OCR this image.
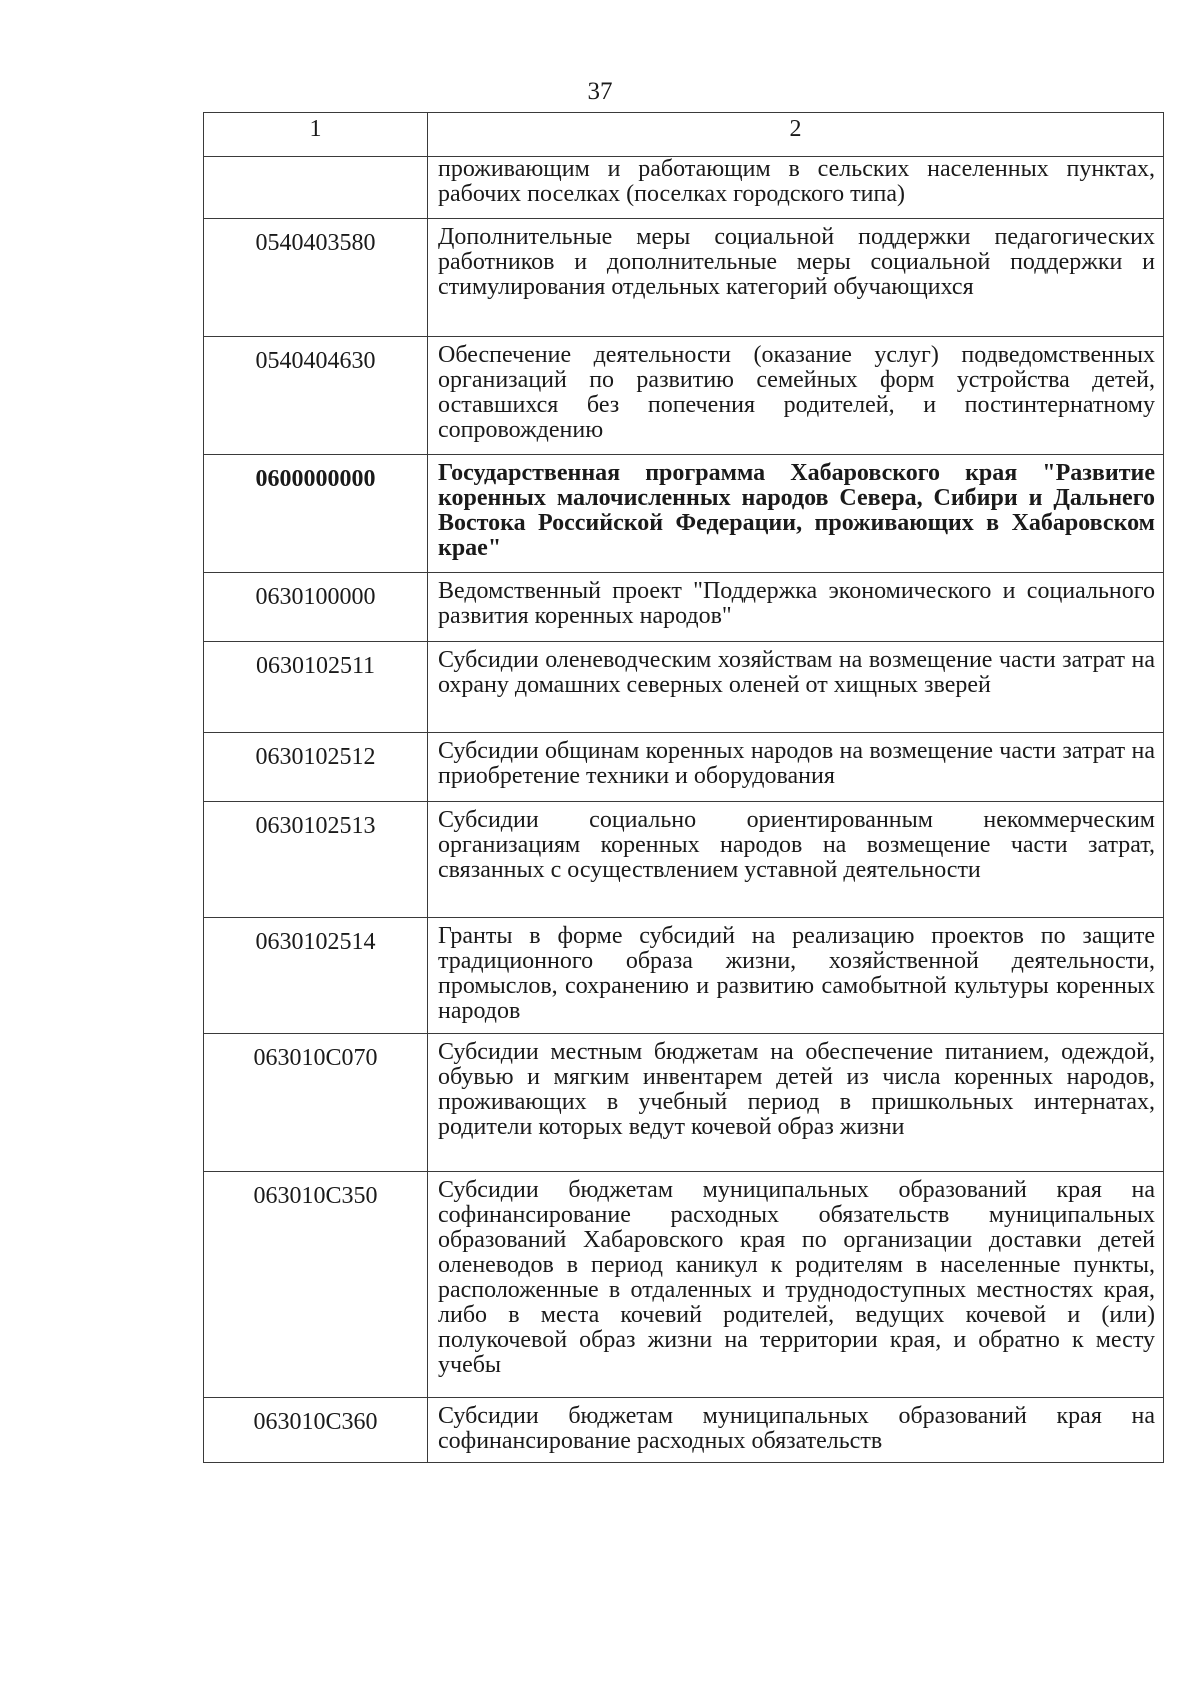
37
1	2
	проживающим и работающим в сельских населенных пунктах, рабочих поселках (поселках городского типа)
0540403580	Дополнительные меры социальной поддержки педагогических работников и дополнительные меры социальной поддержки и стимулирования отдельных категорий обучающихся
0540404630	Обеспечение деятельности (оказание услуг) подведомственных организаций по развитию семейных форм устройства детей, оставшихся без попечения родителей, и постинтернатному сопровождению
0600000000	Государственная программа Хабаровского края "Развитие коренных малочисленных народов Севера, Сибири и Дальнего Востока Российской Федерации, проживающих в Хабаровском крае"
0630100000	Ведомственный проект "Поддержка экономического и социального развития коренных народов"
0630102511	Субсидии оленеводческим хозяйствам на возмещение части затрат на охрану домашних северных оленей от хищных зверей
0630102512	Субсидии общинам коренных народов на возмещение части затрат на приобретение техники и оборудования
0630102513	Субсидии социально ориентированным некоммерческим организациям коренных народов на возмещение части затрат, связанных с осуществлением уставной деятельности
0630102514	Гранты в форме субсидий на реализацию проектов по защите традиционного образа жизни, хозяйственной деятельности, промыслов, сохранению и развитию самобытной культуры коренных народов
063010С070	Субсидии местным бюджетам на обеспечение питанием, одеждой, обувью и мягким инвентарем детей из числа коренных народов, проживающих в учебный период в пришкольных интернатах, родители которых ведут кочевой образ жизни
063010С350	Субсидии бюджетам муниципальных образований края на софинансирование расходных обязательств муниципальных образований Хабаровского края по организации доставки детей оленеводов в период каникул к родителям в населенные пункты, расположенные в отдаленных и труднодоступных местностях края, либо в места кочевий родителей, ведущих кочевой и (или) полукочевой образ жизни на территории края, и обратно к месту учебы
063010С360	Субсидии бюджетам муниципальных образований края на софинансирование расходных обязательств
